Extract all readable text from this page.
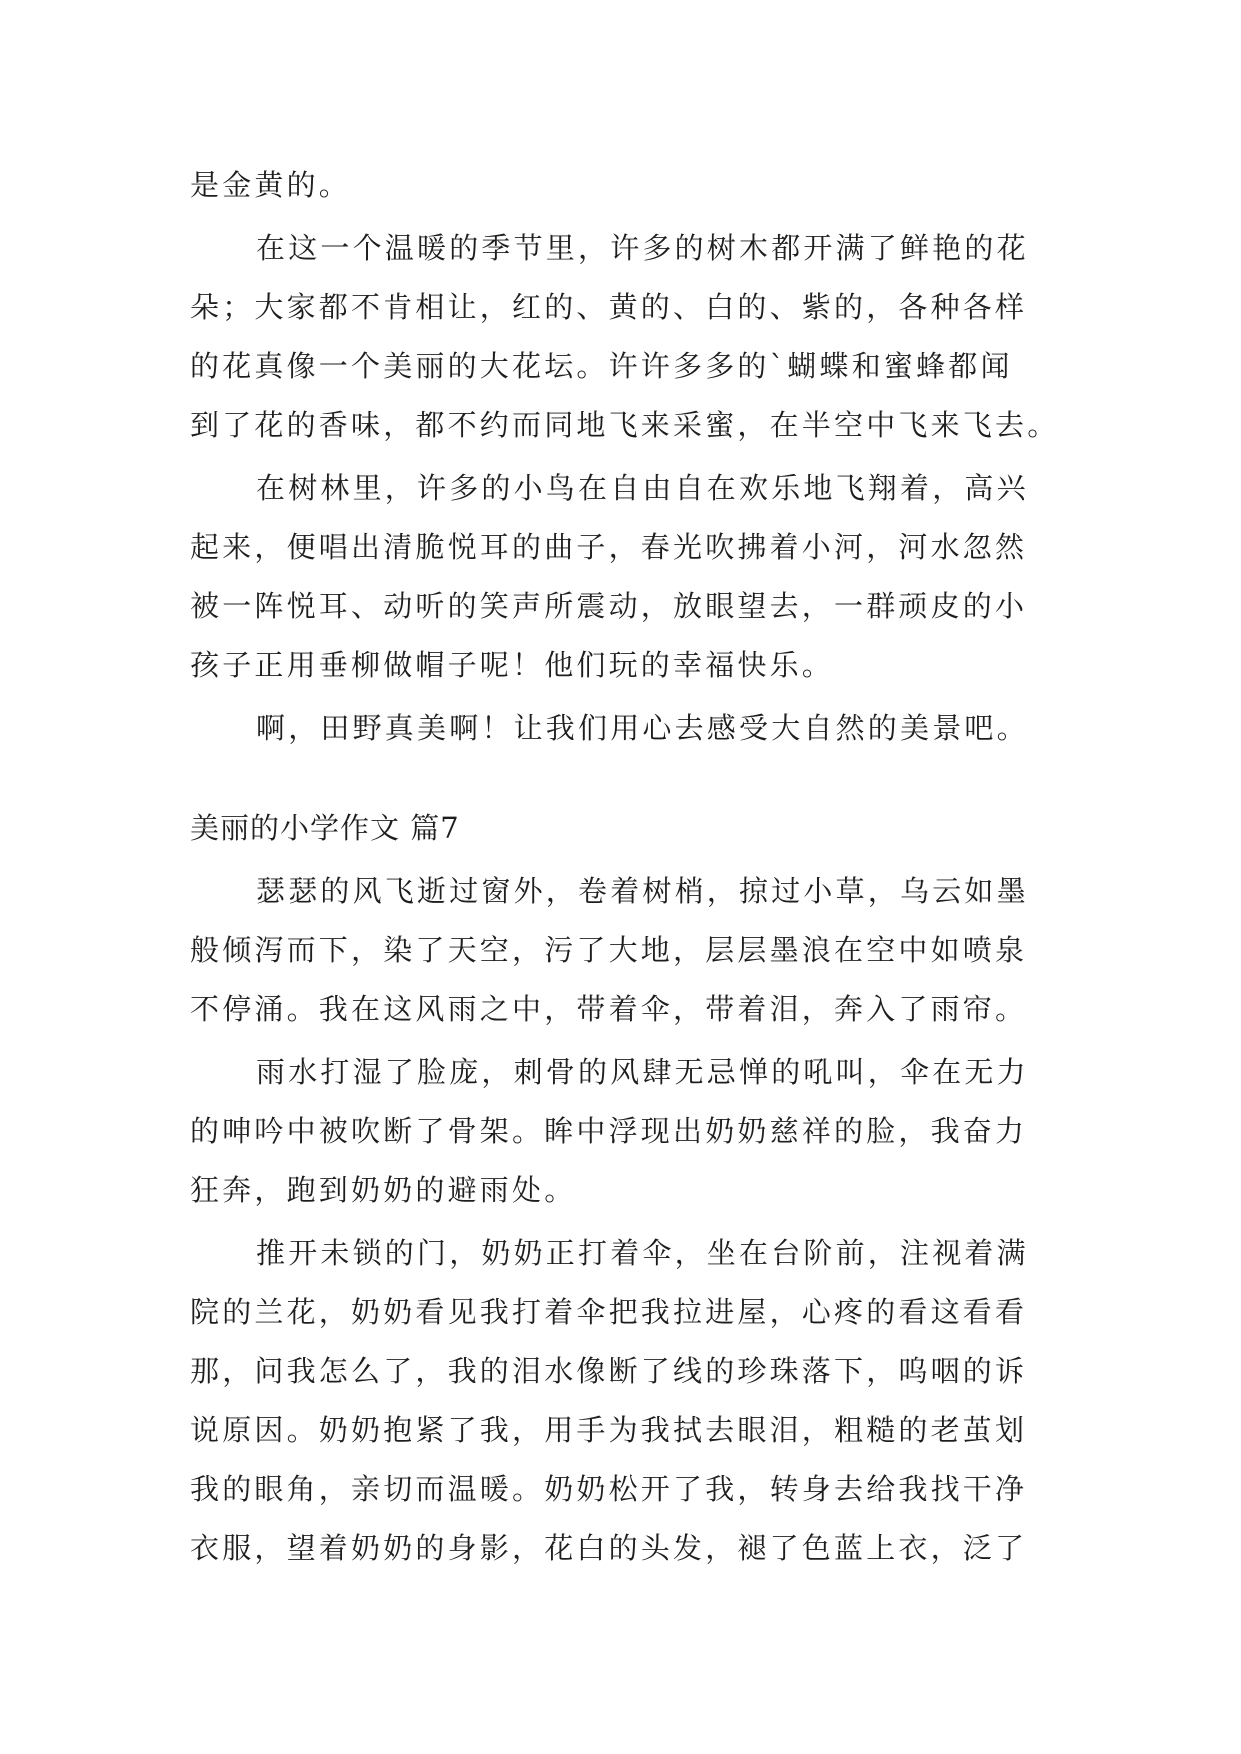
是金黄的。
在这一个温暖的季节里，许多的树木都开满了鲜艳的花
朵；大家都不肯相让，红的、黄的、白的、紫的，各种各样
的花真像一个美丽的大花坛。许许多多的`蝴蝶和蜜蜂都闻
到了花的香味，都不约而同地飞来采蜜，在半空中飞来飞去。
在树林里，许多的小鸟在自由自在欢乐地飞翔着，高兴
起来，便唱出清脆悦耳的曲子，春光吹拂着小河，河水忽然
被一阵悦耳、动听的笑声所震动，放眼望去，一群顽皮的小
孩子正用垂柳做帽子呢！他们玩的幸福快乐。
啊，田野真美啊！让我们用心去感受大自然的美景吧。
美丽的小学作文 篇7
瑟瑟的风飞逝过窗外，卷着树梢，掠过小草，乌云如墨
般倾泻而下，染了天空，污了大地，层层墨浪在空中如喷泉
不停涌。我在这风雨之中，带着伞，带着泪，奔入了雨帘。
雨水打湿了脸庞，刺骨的风肆无忌惮的吼叫，伞在无力
的呻吟中被吹断了骨架。眸中浮现出奶奶慈祥的脸，我奋力
狂奔，跑到奶奶的避雨处。
推开未锁的门，奶奶正打着伞，坐在台阶前，注视着满
院的兰花，奶奶看见我打着伞把我拉进屋，心疼的看这看看
那，问我怎么了，我的泪水像断了线的珍珠落下，呜咽的诉
说原因。奶奶抱紧了我，用手为我拭去眼泪，粗糙的老茧划
我的眼角，亲切而温暖。奶奶松开了我，转身去给我找干净
衣服，望着奶奶的身影，花白的头发，褪了色蓝上衣，泛了
